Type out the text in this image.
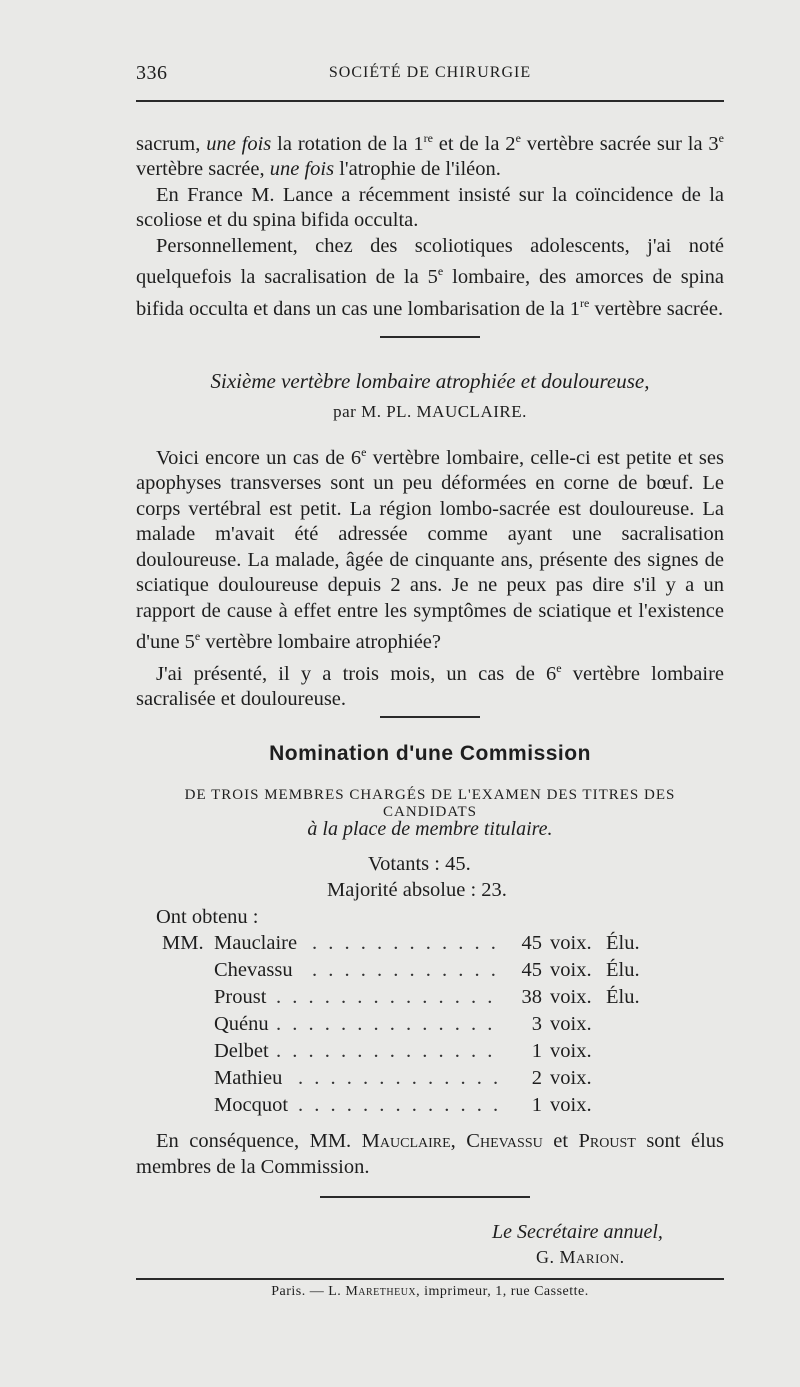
336	SOCIÉTÉ DE CHIRURGIE

sacrum, une fois la rotation de la 1re et de la 2e vertèbre sacrée sur la 3e vertèbre sacrée, une fois l'atrophie de l'iléon.

En France M. Lance a récemment insisté sur la coïncidence de la scoliose et du spina bifida occulta.

Personnellement, chez des scoliotiques adolescents, j'ai noté quelquefois la sacralisation de la 5e lombaire, des amorces de spina bifida occulta et dans un cas une lombarisation de la 1re vertèbre sacrée.

Sixième vertèbre lombaire atrophiée et douloureuse,
par M. PL. MAUCLAIRE.

Voici encore un cas de 6e vertèbre lombaire, celle-ci est petite et ses apophyses transverses sont un peu déformées en corne de bœuf. Le corps vertébral est petit. La région lombo-sacrée est douloureuse. La malade m'avait été adressée comme ayant une sacralisation douloureuse. La malade, âgée de cinquante ans, présente des signes de sciatique douloureuse depuis 2 ans. Je ne peux pas dire s'il y a un rapport de cause à effet entre les symptômes de sciatique et l'existence d'une 5e vertèbre lombaire atrophiée?

J'ai présenté, il y a trois mois, un cas de 6e vertèbre lombaire sacralisée et douloureuse.

Nomination d'une Commission
DE TROIS MEMBRES CHARGÉS DE L'EXAMEN DES TITRES DES CANDIDATS
à la place de membre titulaire.
Votants : 45.
Majorité absolue : 23.
Ont obtenu :
MM. Mauclaire . . . . . . . . . . . .	45 voix. Élu.
Chevassu . . . . . . . . . . . .	45 voix. Élu.
Proust . . . . . . . . . . . . . .	38 voix. Élu.
Quénu . . . . . . . . . . . . . .	3 voix.
Delbet . . . . . . . . . . . . . .	1 voix.
Mathieu . . . . . . . . . . . . .	2 voix.
Mocquot . . . . . . . . . . . . .	1 voix.

En conséquence, MM. Mauclaire, Chevassu et Proust sont élus membres de la Commission.

Le Secrétaire annuel,
G. Marion.
Paris. — L. Maretheux, imprimeur, 1, rue Cassette.
